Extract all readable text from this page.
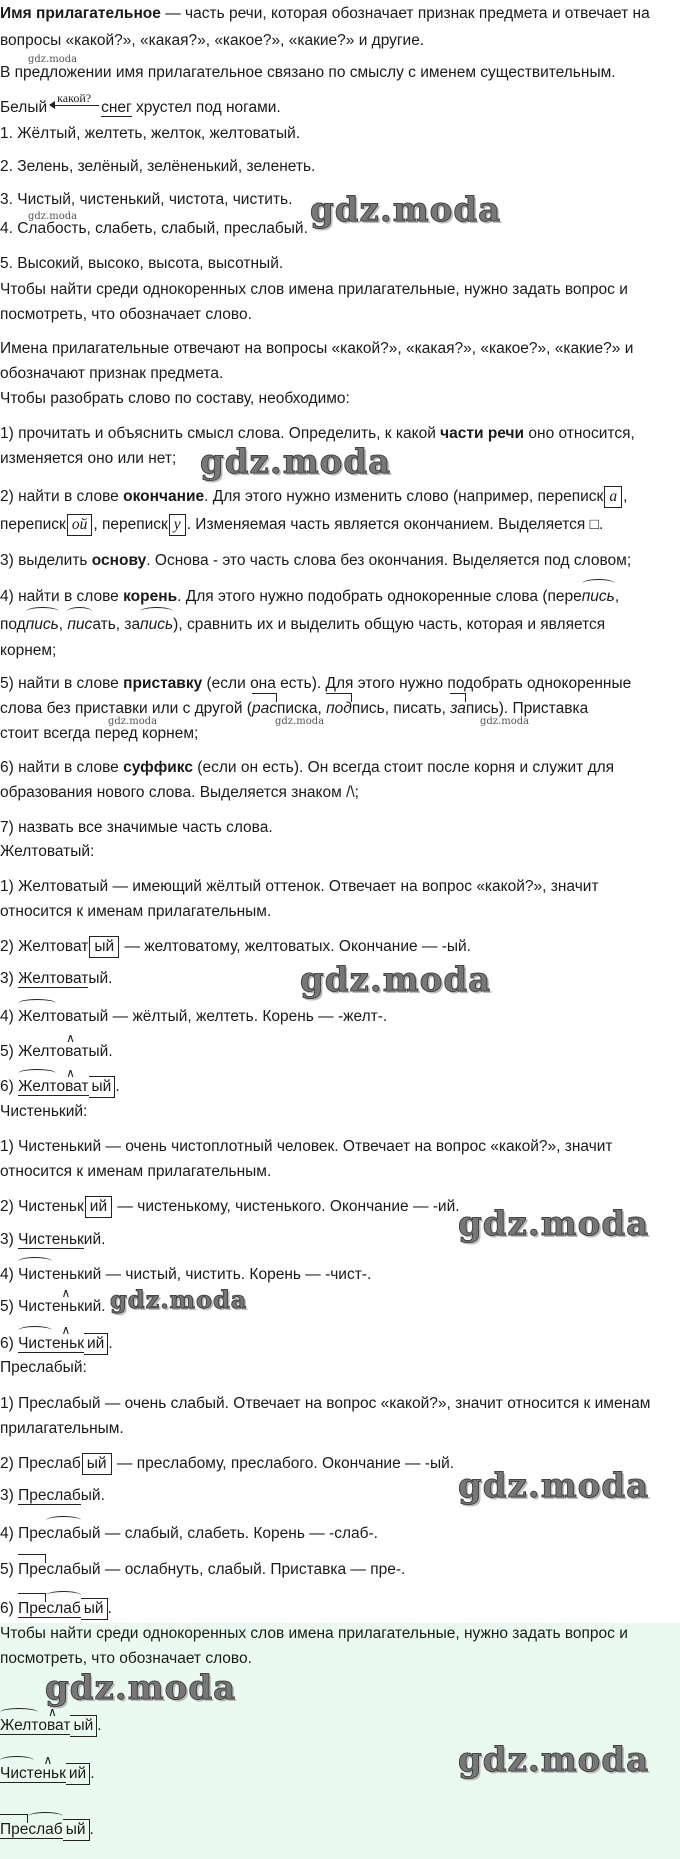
Имя прилагательное — часть речи, которая обозначает признак предмета и отвечает на
вопросы «какой?», «какая?», «какое?», «какие?» и другие.
В предложении имя прилагательное связано по смыслу с именем существительным.
Белый
какой?
снег хрустел под ногами.
1. Жёлтый, желтеть, желток, желтоватый.
2. Зелень, зелёный, зелёненький, зеленеть.
3. Чистый, чистенький, чистота, чистить.
4. Слабость, слабеть, слабый, преслабый.
5. Высокий, высоко, высота, высотный.
Чтобы найти среди однокоренных слов имена прилагательные, нужно задать вопрос и
посмотреть, что обозначает слово.
Имена прилагательные отвечают на вопросы «какой?», «какая?», «какое?», «какие?» и
обозначают признак предмета.
Чтобы разобрать слово по составу, необходимо:
1) прочитать и объяснить смысл слова. Определить, к какой части речи оно относится,
изменяется оно или нет;
2) найти в слове окончание. Для этого нужно изменить слово (например, переписк а ,
переписк ой , переписк у . Изменяемая часть является окончанием. Выделяется □.
3) выделить основу. Основа - это часть слова без окончания. Выделяется под словом;
4) найти в слове корень. Для этого нужно подобрать однокоренные слова (перепись,
подпись, писать, запись), сравнить их и выделить общую часть, которая и является
корнем;
5) найти в слове приставку (если она есть). Для этого нужно подобрать однокоренные
слова без приставки или с другой (расписка, подпись, писать, запись). Приставка
стоит всегда перед корнем;
6) найти в слове суффикс (если он есть). Он всегда стоит после корня и служит для
образования нового слова. Выделяется знаком /\;
7) назвать все значимые часть слова.
Желтоватый:
1) Желтоватый — имеющий жёлтый оттенок. Отвечает на вопрос «какой?», значит
относится к именам прилагательным.
2) Желтоват ый — желтоватому, желтоватых. Окончание — -ый.
3) Желтоватый.
4) Желтоватый — жёлтый, желтеть. Корень — -желт-.
5) Желт∧ оватый.
6) Желт∧ оват ый .
Чистенький:
1) Чистенький — очень чистоплотный человек. Отвечает на вопрос «какой?», значит
относится к именам прилагательным.
2) Чистеньк ий — чистенькому, чистенького. Окончание — -ий.
3) Чистенький.
4) Чистенький — чистый, чистить. Корень — -чист-.
5) Чист∧ енький.
6) Чист∧ еньк ий .
Преслабый:
1) Преслабый — очень слабый. Отвечает на вопрос «какой?», значит относится к именам
прилагательным.
2) Преслаб ый — преслабому, преслабого. Окончание — -ый.
3) Преслабый.
4) Преслабый — слабый, слабеть. Корень — -слаб-.
5) Преслабый — ослабнуть, слабый. Приставка — пре-.
6) Преслаб ый .
Чтобы найти среди однокоренных слов имена прилагательные, нужно задать вопрос и
посмотреть, что обозначает слово.
Желт∧ оват ый .
Чист∧ еньк ий .
Преслаб ый .
gdz.moda
gdz.moda	gdz.moda
gdz.moda
gdz.moda	gdz.moda	gdz.moda
gdz.moda
gdz.moda
gdz.moda
gdz.moda
gdz.moda
gdz.moda
